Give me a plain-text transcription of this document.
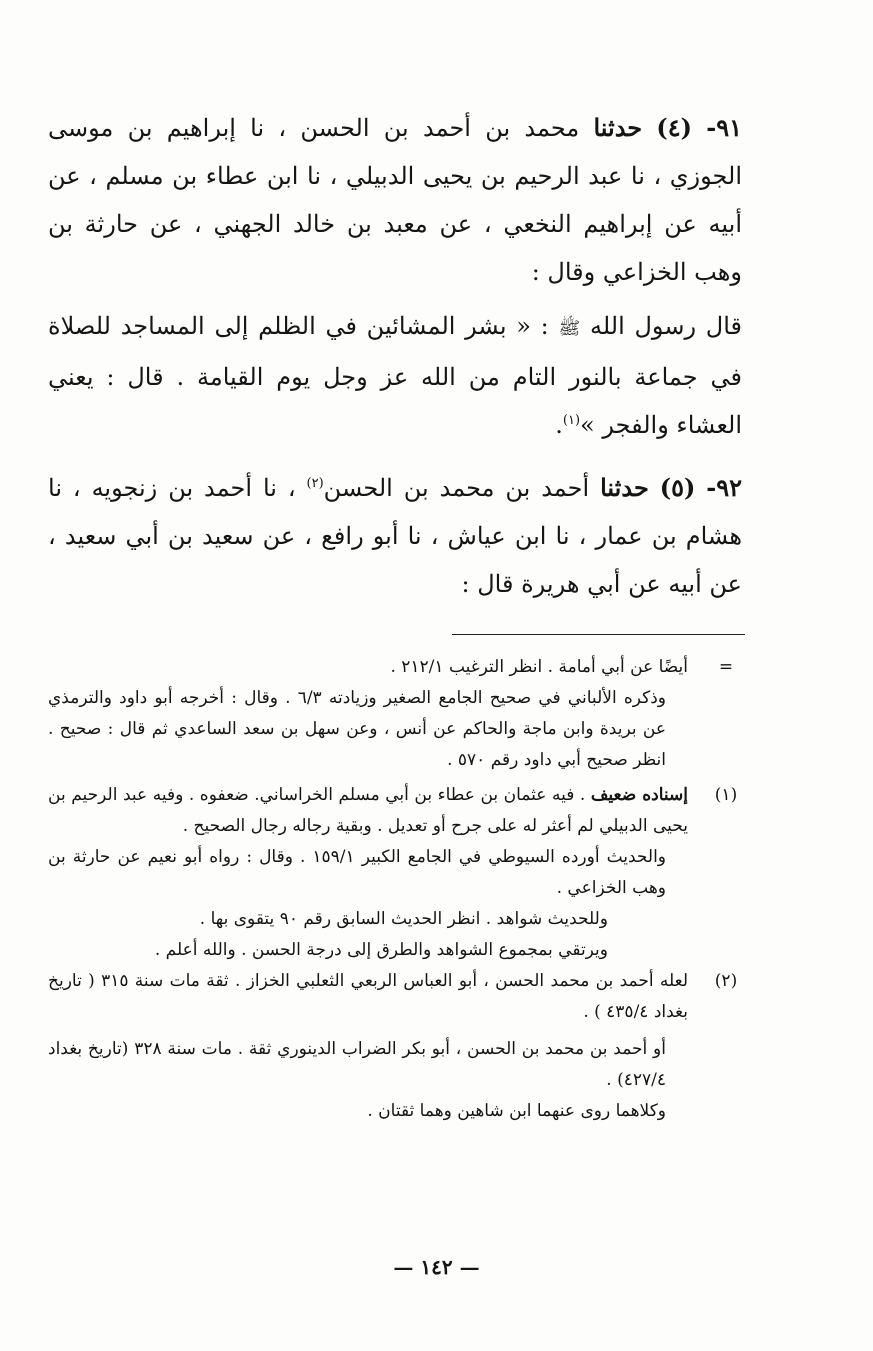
٩١- (٤) حدثنا محمد بن أحمد بن الحسن ، نا إبراهيم بن موسى الجوزي ، نا عبد الرحيم بن يحيى الدبيلي ، نا ابن عطاء بن مسلم ، عن أبيه عن إبراهيم النخعي ، عن معبد بن خالد الجهني ، عن حارثة بن وهب الخزاعي وقال :

قال رسول الله ﷺ : « بشر المشائين في الظلم إلى المساجد للصلاة في جماعة بالنور التام من الله عز وجل يوم القيامة . قال : يعني العشاء والفجر »$^{(١)}$.

٩٢- (٥) حدثنا أحمد بن محمد بن الحسن$^{(٢)}$ ، نا أحمد بن زنجويه ، نا هشام بن عمار ، نا ابن عياش ، نا أبو رافع ، عن سعيد بن أبي سعيد ، عن أبيه عن أبي هريرة قال :

=

أيضًا عن أبي أمامة . انظر الترغيب ٢١٢/١ .

وذكره الألباني في صحيح الجامع الصغير وزيادته ٦/٣ . وقال : أخرجه أبو داود والترمذي عن بريدة وابن ماجة والحاكم عن أنس ، وعن سهل بن سعد الساعدي ثم قال : صحيح . انظر صحيح أبي داود رقم ٥٧٠ .

(١)

إسناده ضعيف . فيه عثمان بن عطاء بن أبي مسلم الخراساني. ضعفوه . وفيه عبد الرحيم بن يحيى الدبيلي لم أعثر له على جرح أو تعديل . وبقية رجاله رجال الصحيح .

والحديث أورده السيوطي في الجامع الكبير ١٥٩/١ . وقال : رواه أبو نعيم عن حارثة بن وهب الخزاعي .

وللحديث شواهد . انظر الحديث السابق رقم ٩٠ يتقوى بها .

ويرتقي بمجموع الشواهد والطرق إلى درجة الحسن . والله أعلم .

(٢)

لعله أحمد بن محمد الحسن ، أبو العباس الربعي الثعلبي الخزاز . ثقة مات سنة ٣١٥ ( تاريخ بغداد ٤٣٥/٤ ) .

أو أحمد بن محمد بن الحسن ، أبو بكر الضراب الدينوري ثقة . مات سنة ٣٢٨ (تاريخ بغداد ٤٢٧/٤) .

وكلاهما روى عنهما ابن شاهين وهما ثقتان .

— ١٤٢ —
